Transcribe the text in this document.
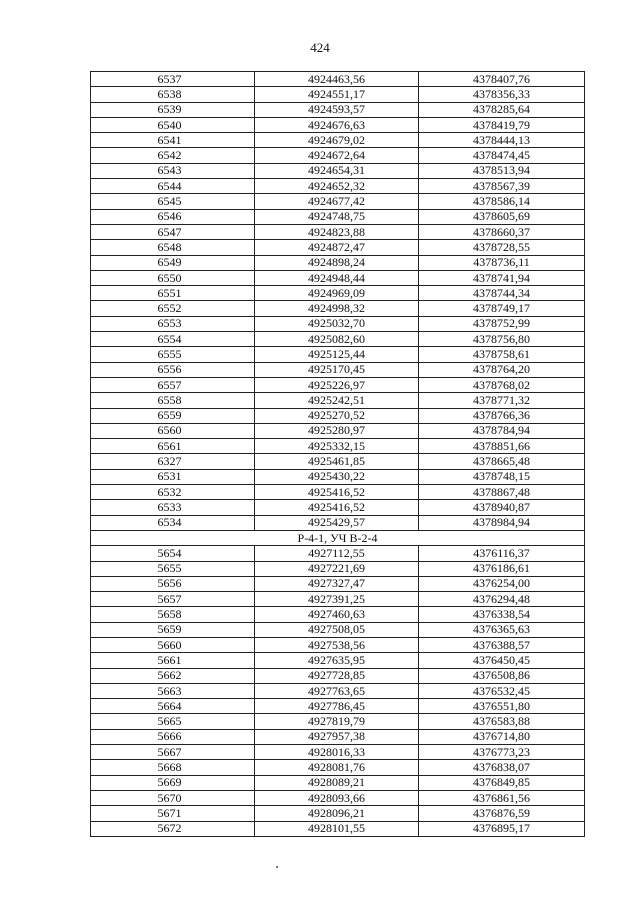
424
6537	4924463,56	4378407,76
6538	4924551,17	4378356,33
6539	4924593,57	4378285,64
6540	4924676,63	4378419,79
6541	4924679,02	4378444,13
6542	4924672,64	4378474,45
6543	4924654,31	4378513,94
6544	4924652,32	4378567,39
6545	4924677,42	4378586,14
6546	4924748,75	4378605,69
6547	4924823,88	4378660,37
6548	4924872,47	4378728,55
6549	4924898,24	4378736,11
6550	4924948,44	4378741,94
6551	4924969,09	4378744,34
6552	4924998,32	4378749,17
6553	4925032,70	4378752,99
6554	4925082,60	4378756,80
6555	4925125,44	4378758,61
6556	4925170,45	4378764,20
6557	4925226,97	4378768,02
6558	4925242,51	4378771,32
6559	4925270,52	4378766,36
6560	4925280,97	4378784,94
6561	4925332,15	4378851,66
6327	4925461,85	4378665,48
6531	4925430,22	4378748,15
6532	4925416,52	4378867,48
6533	4925416,52	4378940,87
6534	4925429,57	4378984,94
Р-4-1, УЧ В-2-4		
5654	4927112,55	4376116,37
5655	4927221,69	4376186,61
5656	4927327,47	4376254,00
5657	4927391,25	4376294,48
5658	4927460,63	4376338,54
5659	4927508,05	4376365,63
5660	4927538,56	4376388,57
5661	4927635,95	4376450,45
5662	4927728,85	4376508,86
5663	4927763,65	4376532,45
5664	4927786,45	4376551,80
5665	4927819,79	4376583,88
5666	4927957,38	4376714,80
5667	4928016,33	4376773,23
5668	4928081,76	4376838,07
5669	4928089,21	4376849,85
5670	4928093,66	4376861,56
5671	4928096,21	4376876,59
5672	4928101,55	4376895,17
